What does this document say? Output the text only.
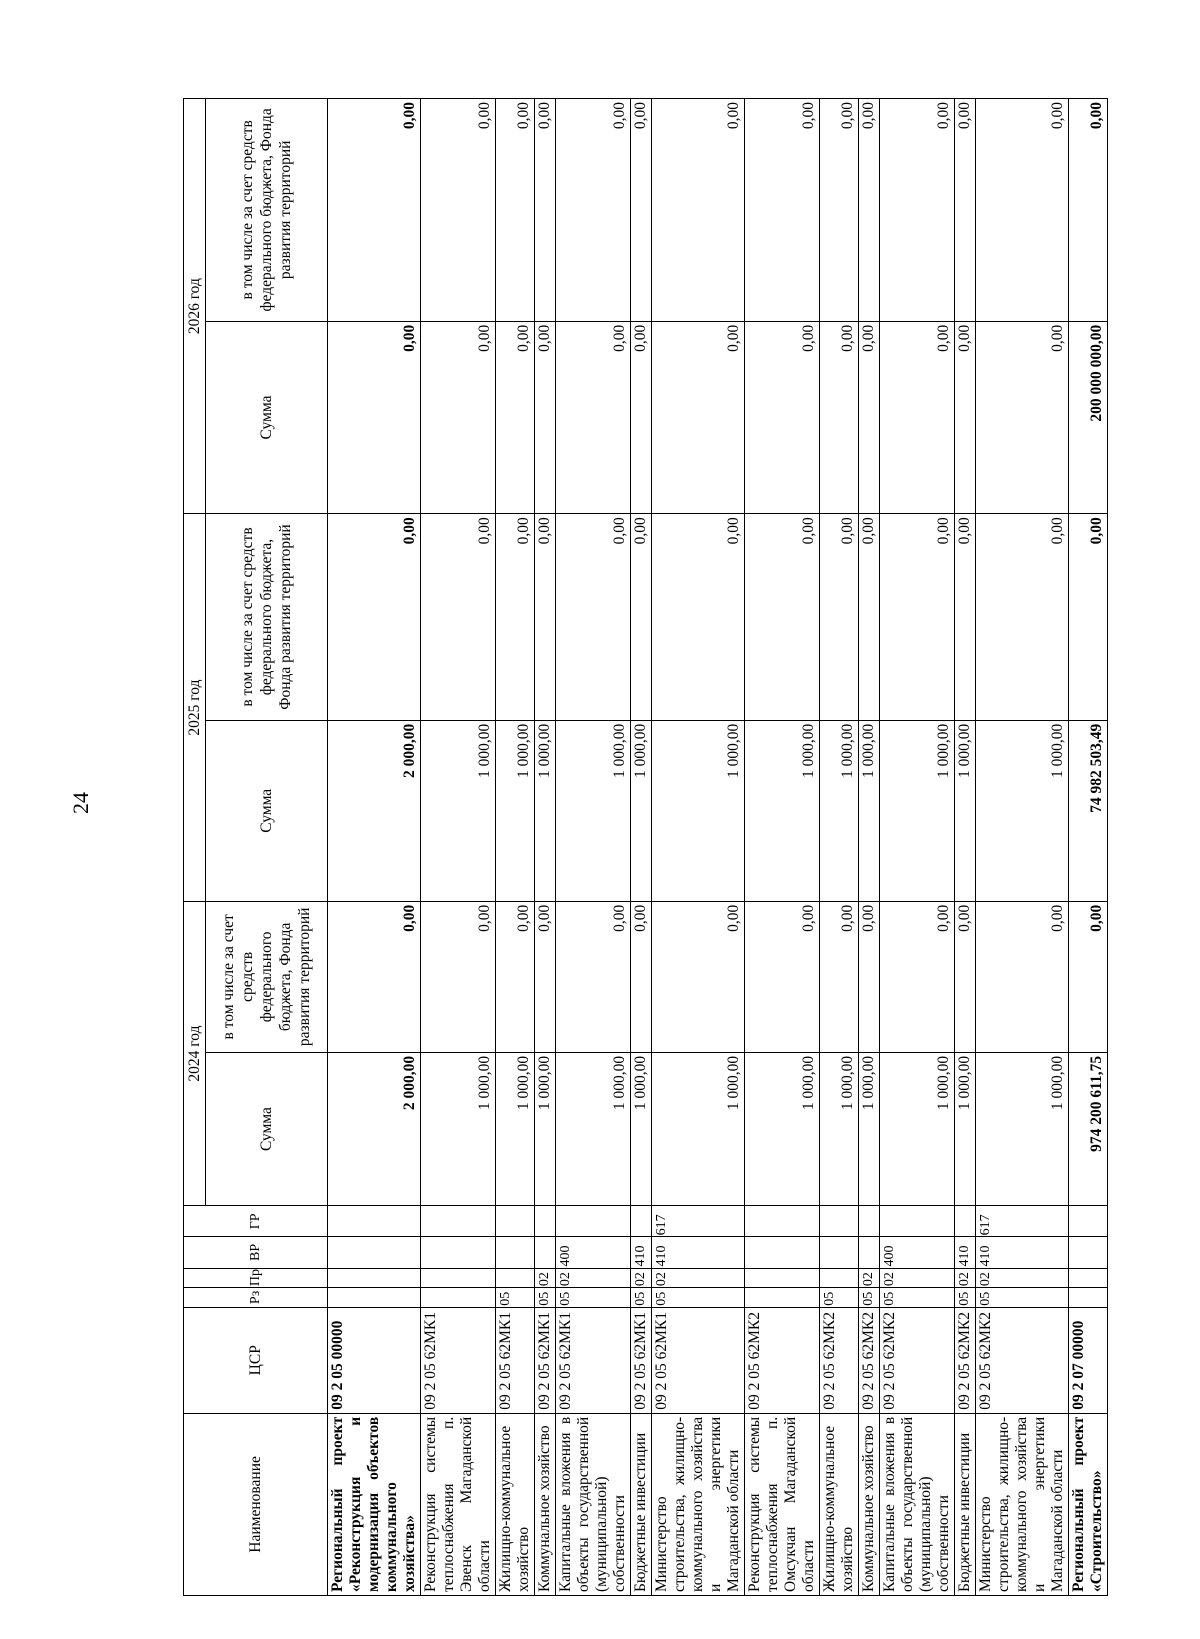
24
Наименование	ЦСР	Рз	Пр	ВР	ГР	2024 год		2025 год		2026 год	
						Сумма	в том числе за счет средств федерального бюджета, Фонда развития территорий	Сумма	в том числе за счет средств федерального бюджета, Фонда развития территорий	Сумма	в том числе за счет средств федерального бюджета, Фонда развития территорий
Региональный проект «Реконструкция и модернизация объектов коммунального хозяйства»	09 2 05 00000					2 000,00	0,00	2 000,00	0,00	0,00	0,00
Реконструкция системы теплоснабжения п. Эвенск Магаданской области	09 2 05 62МК1					1 000,00	0,00	1 000,00	0,00	0,00	0,00
Жилищно-коммунальное хозяйство	09 2 05 62МК1	05				1 000,00	0,00	1 000,00	0,00	0,00	0,00
Коммунальное хозяйство	09 2 05 62МК1	05	02			1 000,00	0,00	1 000,00	0,00	0,00	0,00
Капитальные вложения в объекты государственной (муниципальной) собственности	09 2 05 62МК1	05	02	400		1 000,00	0,00	1 000,00	0,00	0,00	0,00
Бюджетные инвестиции	09 2 05 62МК1	05	02	410		1 000,00	0,00	1 000,00	0,00	0,00	0,00
Министерство строительства, жилищно-коммунального хозяйства и энергетики Магаданской области	09 2 05 62МК1	05	02	410	617	1 000,00	0,00	1 000,00	0,00	0,00	0,00
Реконструкция системы теплоснабжения п. Омсукчан Магаданской области	09 2 05 62МК2					1 000,00	0,00	1 000,00	0,00	0,00	0,00
Жилищно-коммунальное хозяйство	09 2 05 62МК2	05				1 000,00	0,00	1 000,00	0,00	0,00	0,00
Коммунальное хозяйство	09 2 05 62МК2	05	02			1 000,00	0,00	1 000,00	0,00	0,00	0,00
Капитальные вложения в объекты государственной (муниципальной) собственности	09 2 05 62МК2	05	02	400		1 000,00	0,00	1 000,00	0,00	0,00	0,00
Бюджетные инвестиции	09 2 05 62МК2	05	02	410		1 000,00	0,00	1 000,00	0,00	0,00	0,00
Министерство строительства, жилищно-коммунального хозяйства и энергетики Магаданской области	09 2 05 62МК2	05	02	410	617	1 000,00	0,00	1 000,00	0,00	0,00	0,00
Региональный проект «Строительство»	09 2 07 00000					974 200 611,75	0,00	74 982 503,49	0,00	200 000 000,00	0,00
